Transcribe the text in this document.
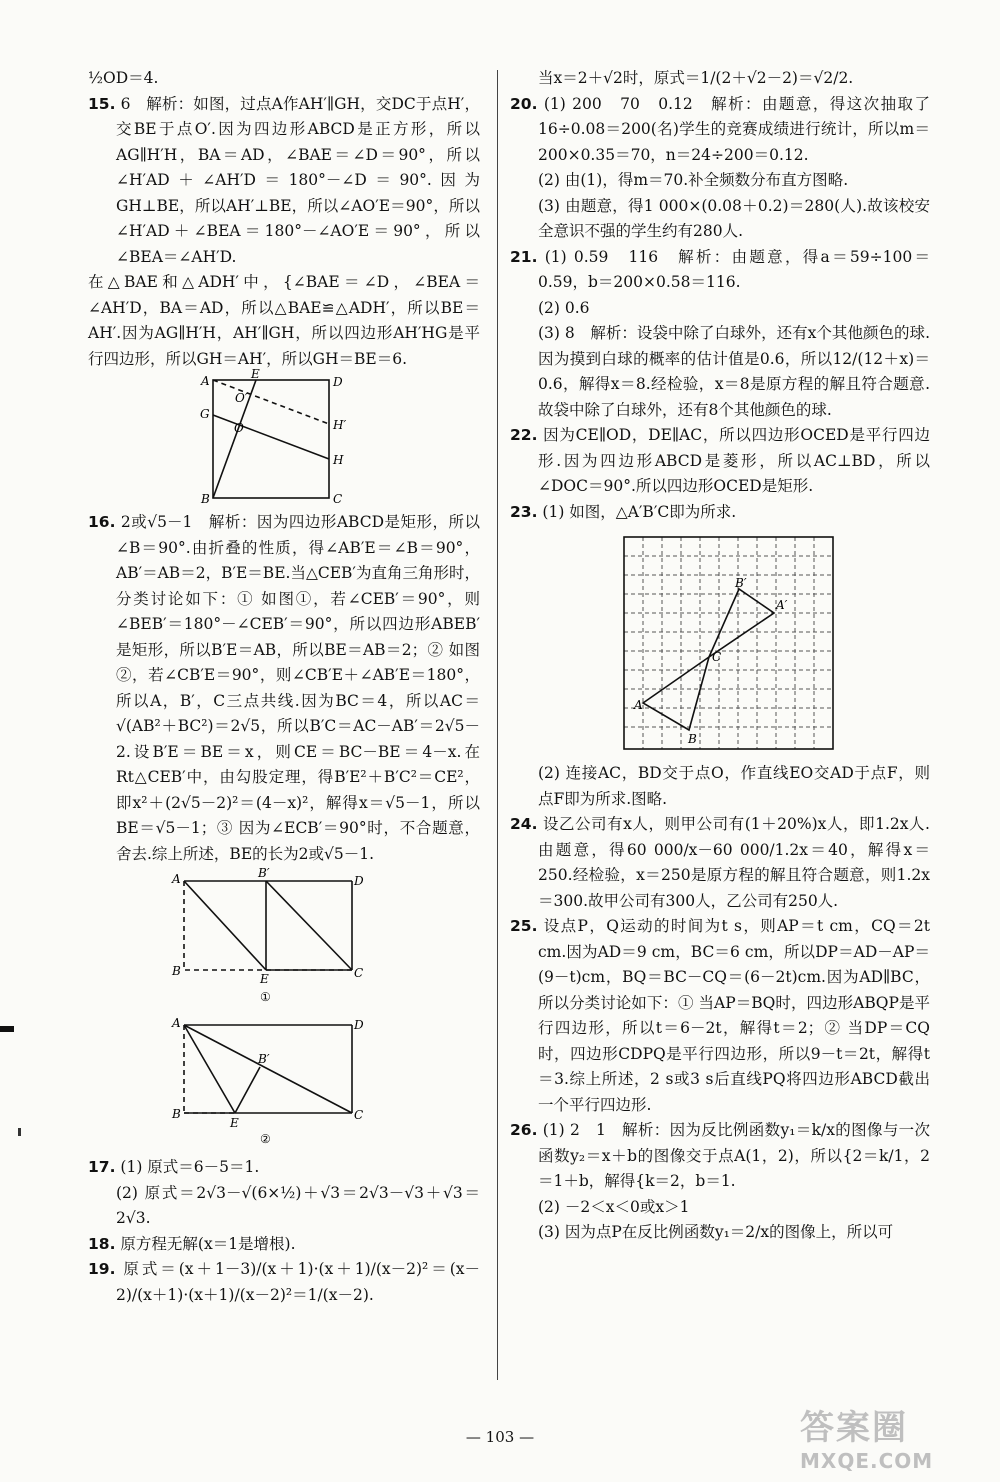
½OD＝4.

15. 6　解析：如图，过点A作AH′∥GH，交DC于点H′，交BE于点O′.因为四边形ABCD是正方形，所以AG∥H′H，BA＝AD，∠BAE＝∠D＝90°，所以∠H′AD＋∠AH′D＝180°－∠D＝90°.因为GH⊥BE，所以AH′⊥BE，所以∠AO′E＝90°，所以∠H′AD＋∠BEA＝180°－∠AO′E＝90°，所以∠BEA＝∠AH′D.

在△BAE和△ADH′中，{∠BAE＝∠D，∠BEA＝∠AH′D，BA＝AD，所以△BAE≌△ADH′，所以BE＝AH′.因为AG∥H′H，AH′∥GH，所以四边形AH′HG是平行四边形，所以GH＝AH′，所以GH＝BE＝6.

A	E
D
G
O′
H′
O
H
B	C

16. 2或√5－1　解析：因为四边形ABCD是矩形，所以∠B＝90°.由折叠的性质，得∠AB′E＝∠B＝90°，AB′＝AB＝2，B′E＝BE.当△CEB′为直角三角形时，分类讨论如下：① 如图①，若∠CEB′＝90°，则∠BEB′＝180°－∠CEB′＝90°，所以四边形ABEB′是矩形，所以B′E＝AB，所以BE＝AB＝2；② 如图②，若∠CB′E＝90°，则∠CB′E＋∠AB′E＝180°，所以A，B′，C三点共线.因为BC＝4，所以AC＝√(AB²＋BC²)＝2√5，所以B′C＝AC－AB′＝2√5－2.设B′E＝BE＝x，则CE＝BC－BE＝4－x.在Rt△CEB′中，由勾股定理，得B′E²＋B′C²＝CE²，即x²＋(2√5－2)²＝(4－x)²，解得x＝√5－1，所以BE＝√5－1；③ 因为∠ECB′＝90°时，不合题意，舍去.综上所述，BE的长为2或√5－1.

A	B′
D
B
E	C
①
A
B′
D
B
E
C
②

17. (1) 原式＝6－5＝1.

(2) 原式＝2√3－√(6×½)＋√3＝2√3－√3＋√3＝2√3.

18. 原方程无解(x＝1是增根).

19. 原式＝(x＋1－3)/(x＋1)·(x＋1)/(x－2)²＝(x－2)/(x＋1)·(x＋1)/(x－2)²＝1/(x－2).

当x＝2＋√2时，原式＝1/(2＋√2－2)＝√2/2.

20. (1) 200　70　0.12　解析：由题意，得这次抽取了16÷0.08＝200(名)学生的竞赛成绩进行统计，所以m＝200×0.35＝70，n＝24÷200＝0.12.

(2) 由(1)，得m＝70.补全频数分布直方图略.

(3) 由题意，得1 000×(0.08＋0.2)＝280(人).故该校安全意识不强的学生约有280人.

21. (1) 0.59　116　解析：由题意，得a＝59÷100＝0.59，b＝200×0.58＝116.

(2) 0.6

(3) 8　解析：设袋中除了白球外，还有x个其他颜色的球.因为摸到白球的概率的估计值是0.6，所以12/(12＋x)＝0.6，解得x＝8.经检验，x＝8是原方程的解且符合题意.故袋中除了白球外，还有8个其他颜色的球.

22. 因为CE∥OD，DE∥AC，所以四边形OCED是平行四边形.因为四边形ABCD是菱形，所以AC⊥BD，所以∠DOC＝90°.所以四边形OCED是矩形.

23. (1) 如图，△A′B′C即为所求.

B′
A′
C
A
B

(2) 连接AC，BD交于点O，作直线EO交AD于点F，则点F即为所求.图略.

24. 设乙公司有x人，则甲公司有(1＋20%)x人，即1.2x人.由题意，得60 000/x－60 000/1.2x＝40，解得x＝250.经检验，x＝250是原方程的解且符合题意，则1.2x＝300.故甲公司有300人，乙公司有250人.

25. 设点P，Q运动的时间为t s，则AP＝t cm，CQ＝2t cm.因为AD＝9 cm，BC＝6 cm，所以DP＝AD－AP＝(9－t)cm，BQ＝BC－CQ＝(6－2t)cm.因为AD∥BC，所以分类讨论如下：① 当AP＝BQ时，四边形ABQP是平行四边形，所以t＝6－2t，解得t＝2；② 当DP＝CQ时，四边形CDPQ是平行四边形，所以9－t＝2t，解得t＝3.综上所述，2 s或3 s后直线PQ将四边形ABCD截出一个平行四边形.

26. (1) 2　1　解析：因为反比例函数y₁＝k/x的图像与一次函数y₂＝x＋b的图像交于点A(1，2)，所以{2＝k/1，2＝1＋b，解得{k＝2，b＝1.

(2) －2＜x＜0或x＞1

(3) 因为点P在反比例函数y₁＝2/x的图像上，所以可

— 103 —	答案圈
MXQE.COM
